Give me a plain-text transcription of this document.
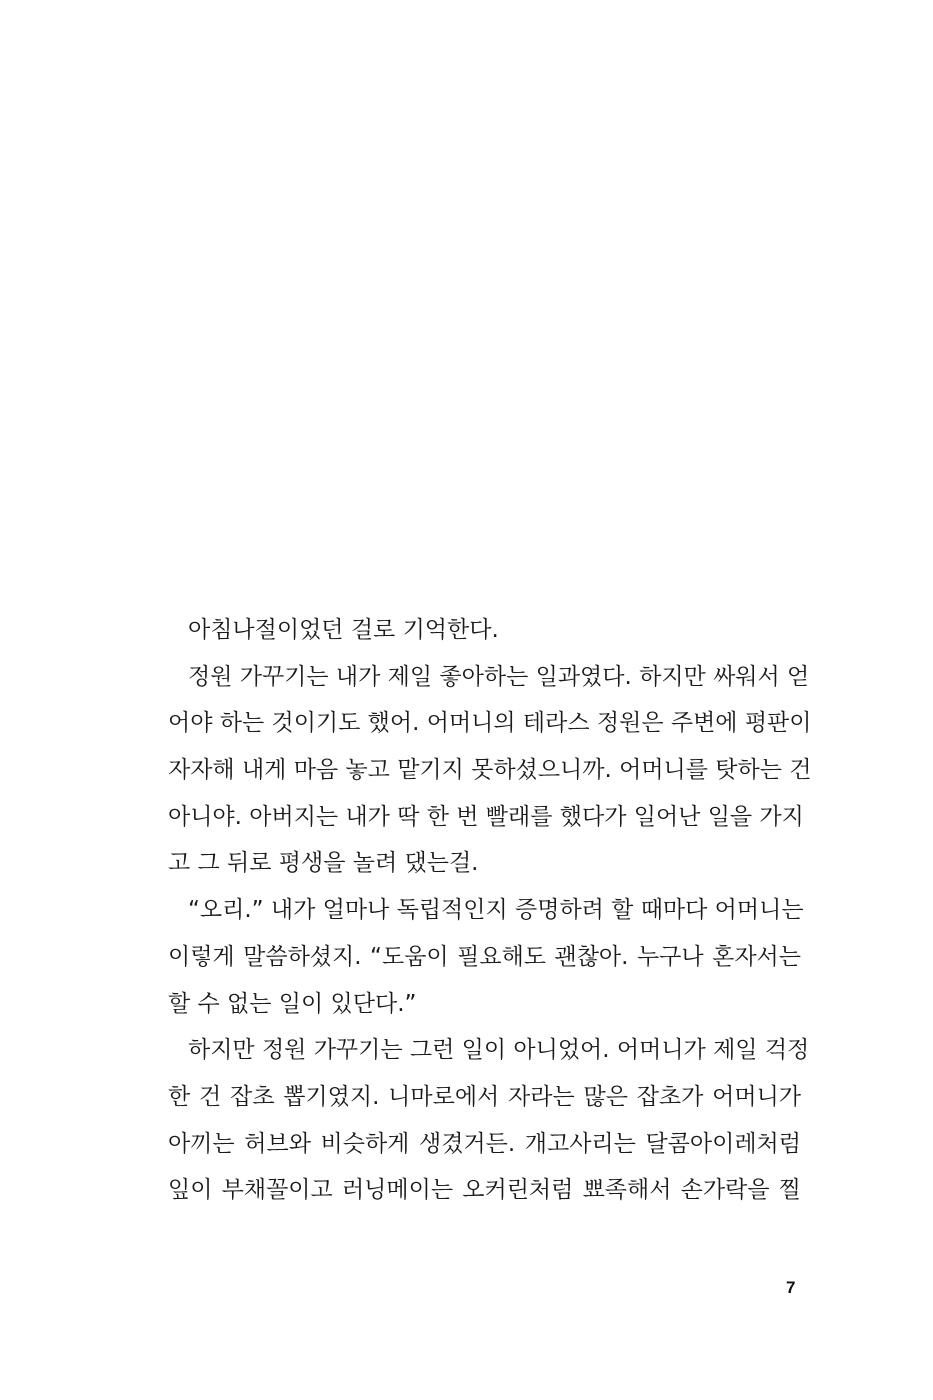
아침나절이었던 걸로 기억한다.
정원 가꾸기는 내가 제일 좋아하는 일과였다. 하지만 싸워서 얻
어야 하는 것이기도 했어. 어머니의 테라스 정원은 주변에 평판이
자자해 내게 마음 놓고 맡기지 못하셨으니까. 어머니를 탓하는 건
아니야. 아버지는 내가 딱 한 번 빨래를 했다가 일어난 일을 가지
고 그 뒤로 평생을 놀려 댔는걸.
“오리.” 내가 얼마나 독립적인지 증명하려 할 때마다 어머니는
이렇게 말씀하셨지. “도움이 필요해도 괜찮아. 누구나 혼자서는
할 수 없는 일이 있단다.”
하지만 정원 가꾸기는 그런 일이 아니었어. 어머니가 제일 걱정
한 건 잡초 뽑기였지. 니마로에서 자라는 많은 잡초가 어머니가
아끼는 허브와 비슷하게 생겼거든. 개고사리는 달콤아이레처럼
잎이 부채꼴이고 러닝메이는 오커린처럼 뾰족해서 손가락을 찔
7
